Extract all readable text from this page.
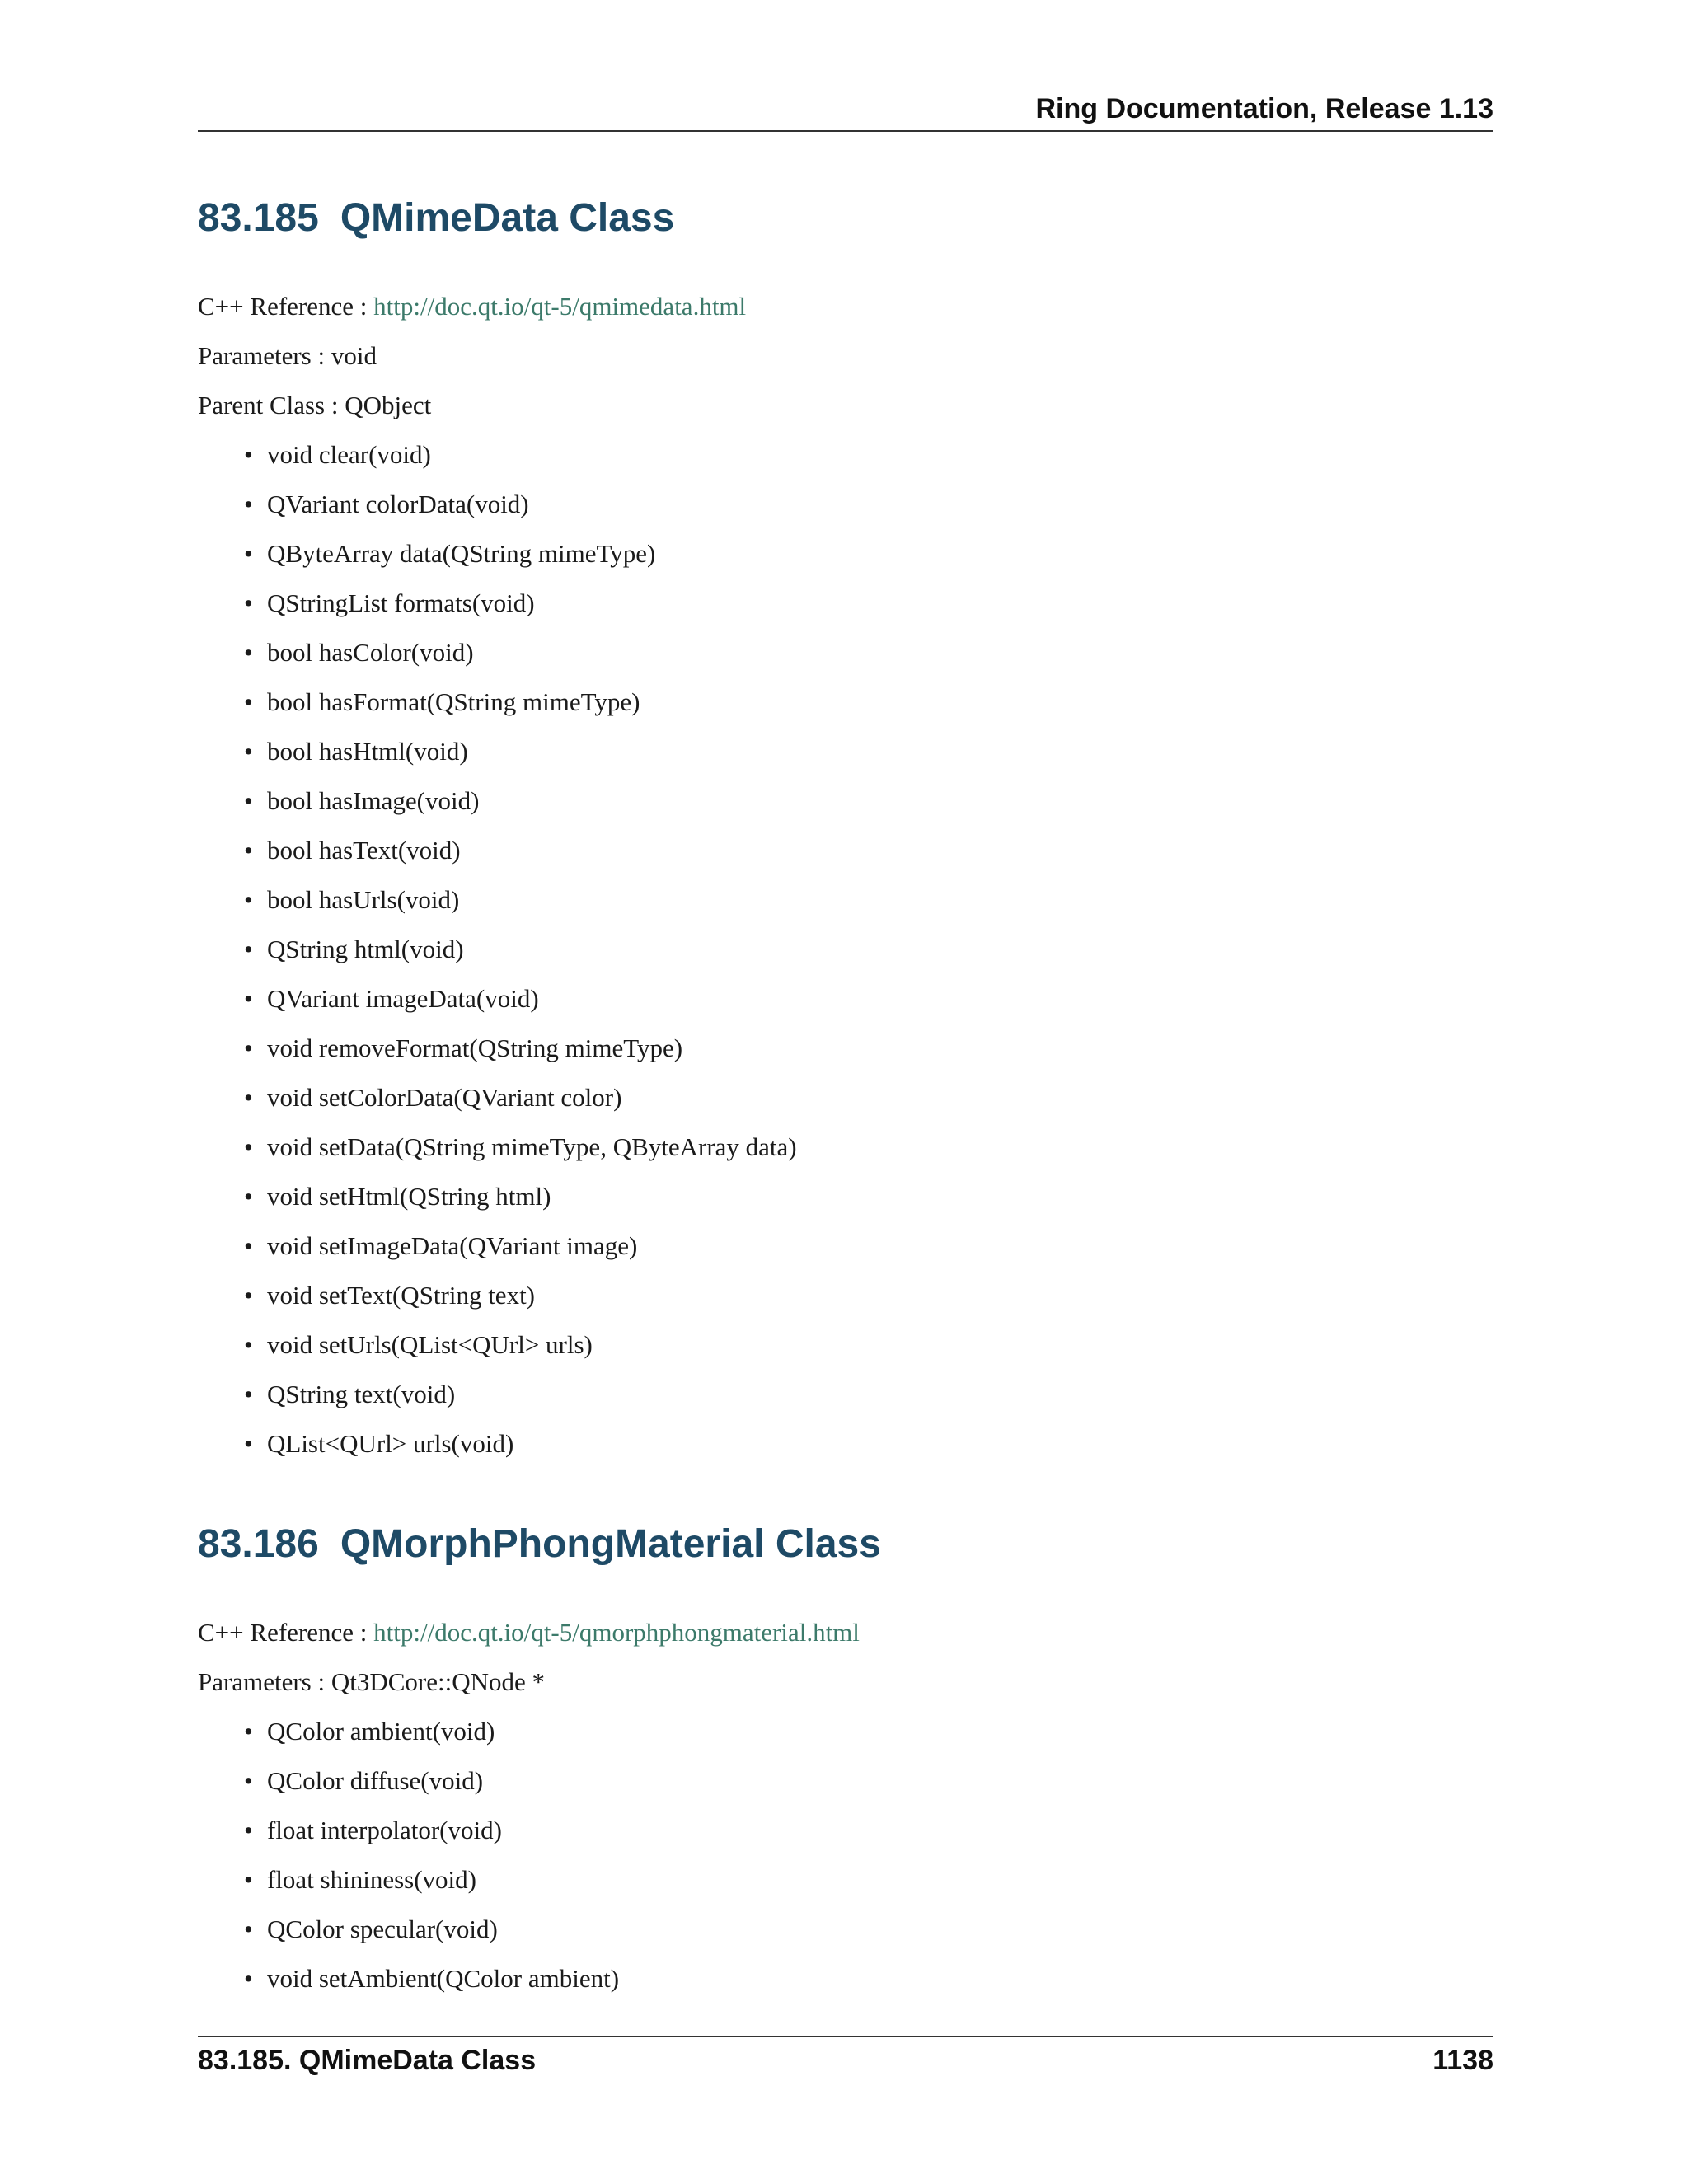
Ring Documentation, Release 1.13
83.185 QMimeData Class
C++ Reference : http://doc.qt.io/qt-5/qmimedata.html
Parameters : void
Parent Class : QObject
• void clear(void)
• QVariant colorData(void)
• QByteArray data(QString mimeType)
• QStringList formats(void)
• bool hasColor(void)
• bool hasFormat(QString mimeType)
• bool hasHtml(void)
• bool hasImage(void)
• bool hasText(void)
• bool hasUrls(void)
• QString html(void)
• QVariant imageData(void)
• void removeFormat(QString mimeType)
• void setColorData(QVariant color)
• void setData(QString mimeType, QByteArray data)
• void setHtml(QString html)
• void setImageData(QVariant image)
• void setText(QString text)
• void setUrls(QList<QUrl> urls)
• QString text(void)
• QList<QUrl> urls(void)
83.186 QMorphPhongMaterial Class
C++ Reference : http://doc.qt.io/qt-5/qmorphphongmaterial.html
Parameters : Qt3DCore::QNode *
• QColor ambient(void)
• QColor diffuse(void)
• float interpolator(void)
• float shininess(void)
• QColor specular(void)
• void setAmbient(QColor ambient)
83.185. QMimeData Class	1138
